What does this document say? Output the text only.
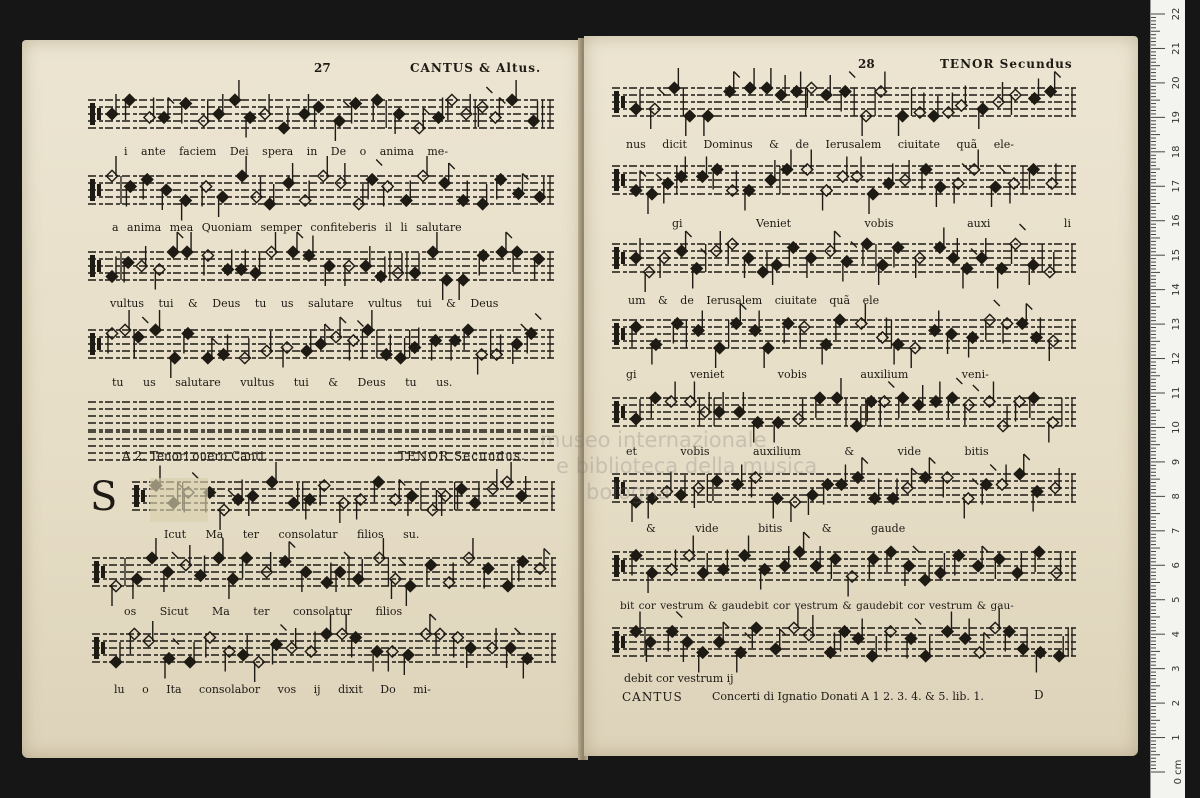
27	CANTUS & Altus.
i ante faciem Dei spera in De o anima me-
a anima mea Quoniam semper confiteberis il li salutare
vultus tui & Deus tu us salutare vultus tui & Deus
tu us salutare vultus tui & Deus tu us.
A 2. Tenori ouero Canti.	TENOR Secundus.
S
Icut Ma ter consolatur filios su.
os Sicut Ma ter consolatur filios
lu o Ita consolabor vos ij dixit Do mi-
28	TENOR Secundus
nus dicit Dominus & de Ierusalem ciuitate quã ele-
gi Veniet vobis auxi li
um & de Ierusalem ciuitate quã ele
gi veniet vobis auxilium veni-
et vobis auxilium & vide bitis
& vide bitis & gaude
bit cor vestrum & gaudebit cor vestrum & gaudebit cor vestrum & gau-
debit cor vestrum ij
CANTUS	Concerti di Ignatio Donati A 1 2. 3. 4. & 5. lib. 1.	D
museo internazionale
e biblioteca della musica
bologna
1
2
3
4
5
6
7
8
9
10
11
12
13
14
15
16
17
18
19
20
21
22
0 cm
